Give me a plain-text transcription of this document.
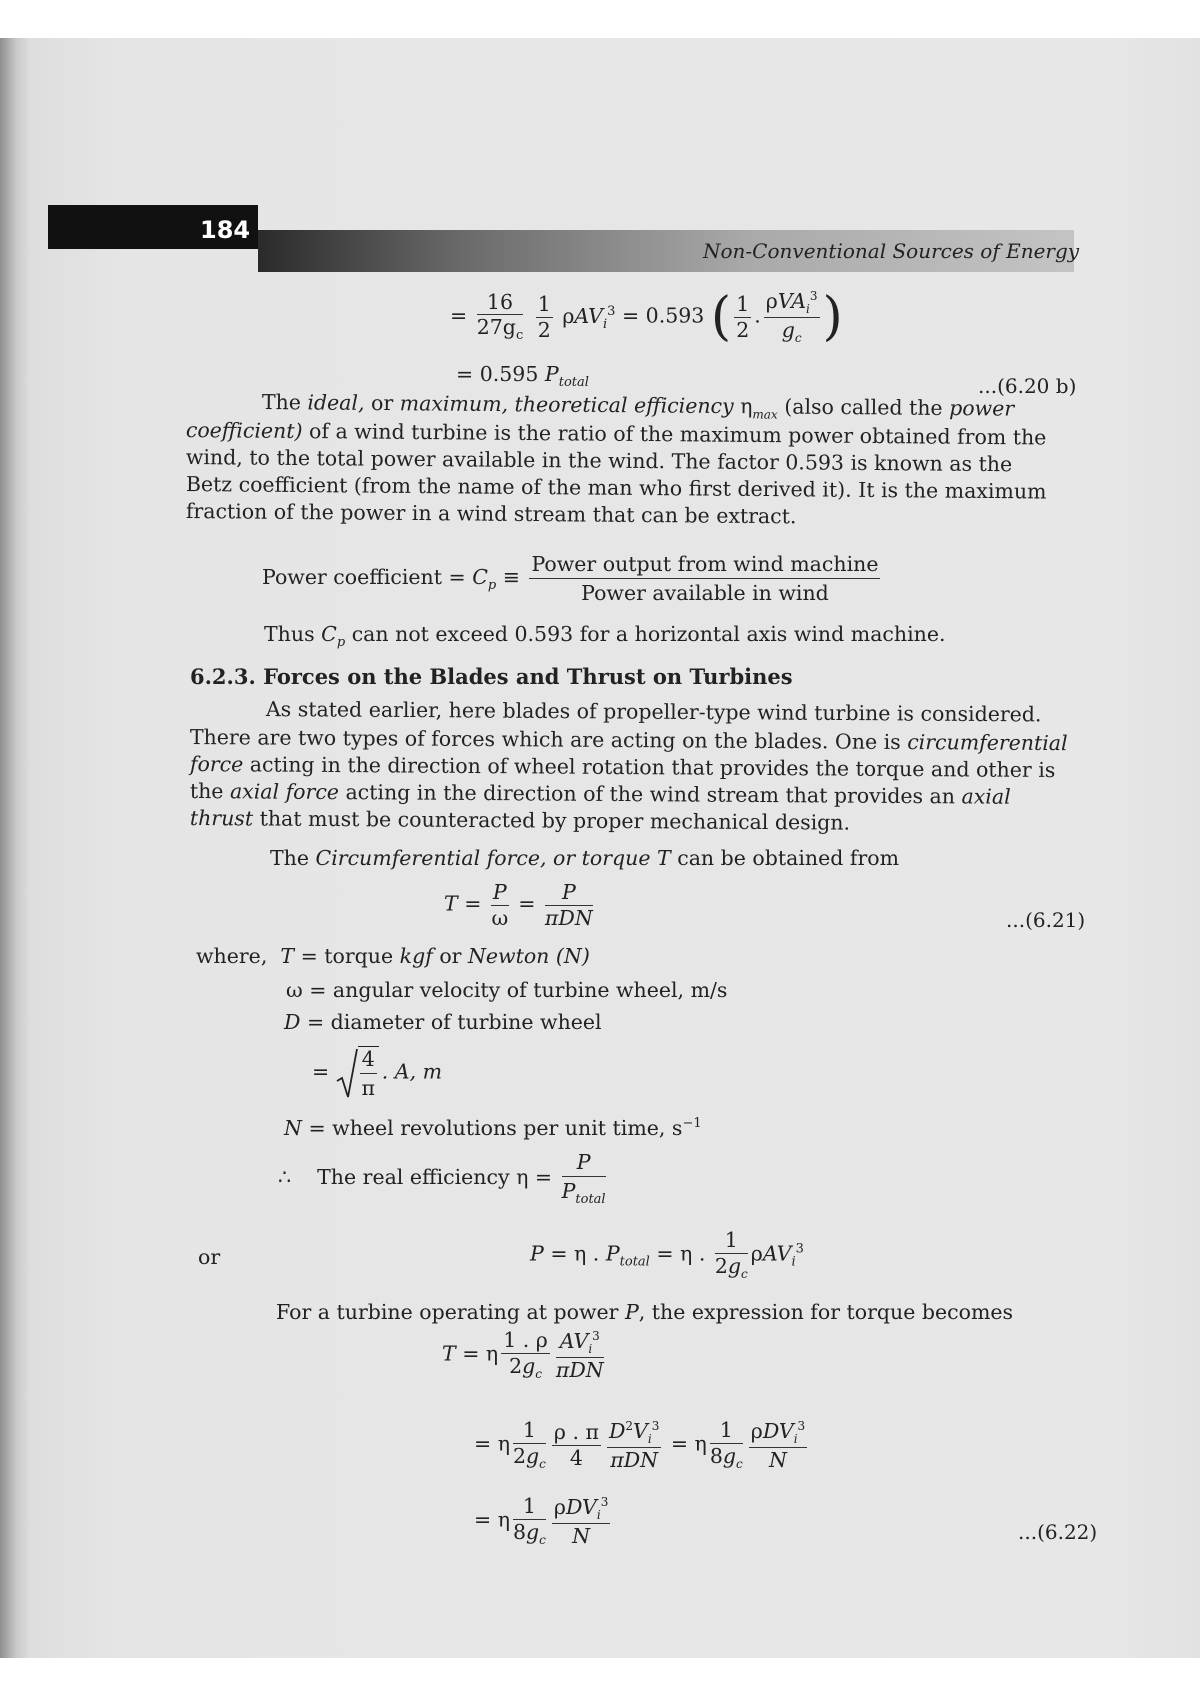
184
Non-Conventional Sources of Energy
= $\frac{16}{27g_c}$
$\frac{1}{2} \rho AV_i^3 = 0.593$ ( $\frac{1}{2}$ . $\frac{\rho VA_i^3}{g_c}$ )
= 0.595 $P_{total}$	...(6.20 b)
The ideal, or maximum, theoretical efficiency $\eta_{max}$ (also called the power
coefficient) of a wind turbine is the ratio of the maximum power obtained from the
wind, to the total power available in the wind. The factor 0.593 is known as the
Betz coefficient (from the name of the man who first derived it). It is the maximum
fraction of the power in a wind stream that can be extract.
Power coefficient = $C_p \equiv \frac{\text{Power output from wind machine}}{\text{Power available in wind}}$
Thus $C_p$ can not exceed 0.593 for a horizontal axis wind machine.
6.2.3. Forces on the Blades and Thrust on Turbines
As stated earlier, here blades of propeller-type wind turbine is considered.
There are two types of forces which are acting on the blades. One is circumferential
force acting in the direction of wheel rotation that provides the torque and other is
the axial force acting in the direction of the wind stream that provides an axial
thrust that must be counteracted by proper mechanical design.
The Circumferential force, or torque T can be obtained from
$T = \frac{P}{\omega} = \frac{P}{\text{πDN}}$	...(6.21)
where, T = torque kgf or Newton (N)
ω = angular velocity of turbine wheel, m/s
D = diameter of turbine wheel
= $\frac{4}{\pi}$ . A, m
N = wheel revolutions per unit time, $s^{-1}$
∴ The real efficiency $\eta = \frac{P}{P_{total}}$
or	P = η . $P_{total} = \eta$ . $\frac{1}{2g_c} \rho AV_i^3$
For a turbine operating at power P, the expression for torque becomes
T = η $\frac{1 . \rho}{2g_c} \frac{AV_i^3}{\text{πDN}}$
= η $\frac{1}{2g_c} \frac{\rho . \pi}{4} \frac{D^2V_i^3}{\text{πDN}} = \eta \frac{1}{8g_c} \frac{\rho DV_i^3}{N}$
= η $\frac{1}{8g_c} \frac{\rho DV_i^3}{N}$	...(6.22)
